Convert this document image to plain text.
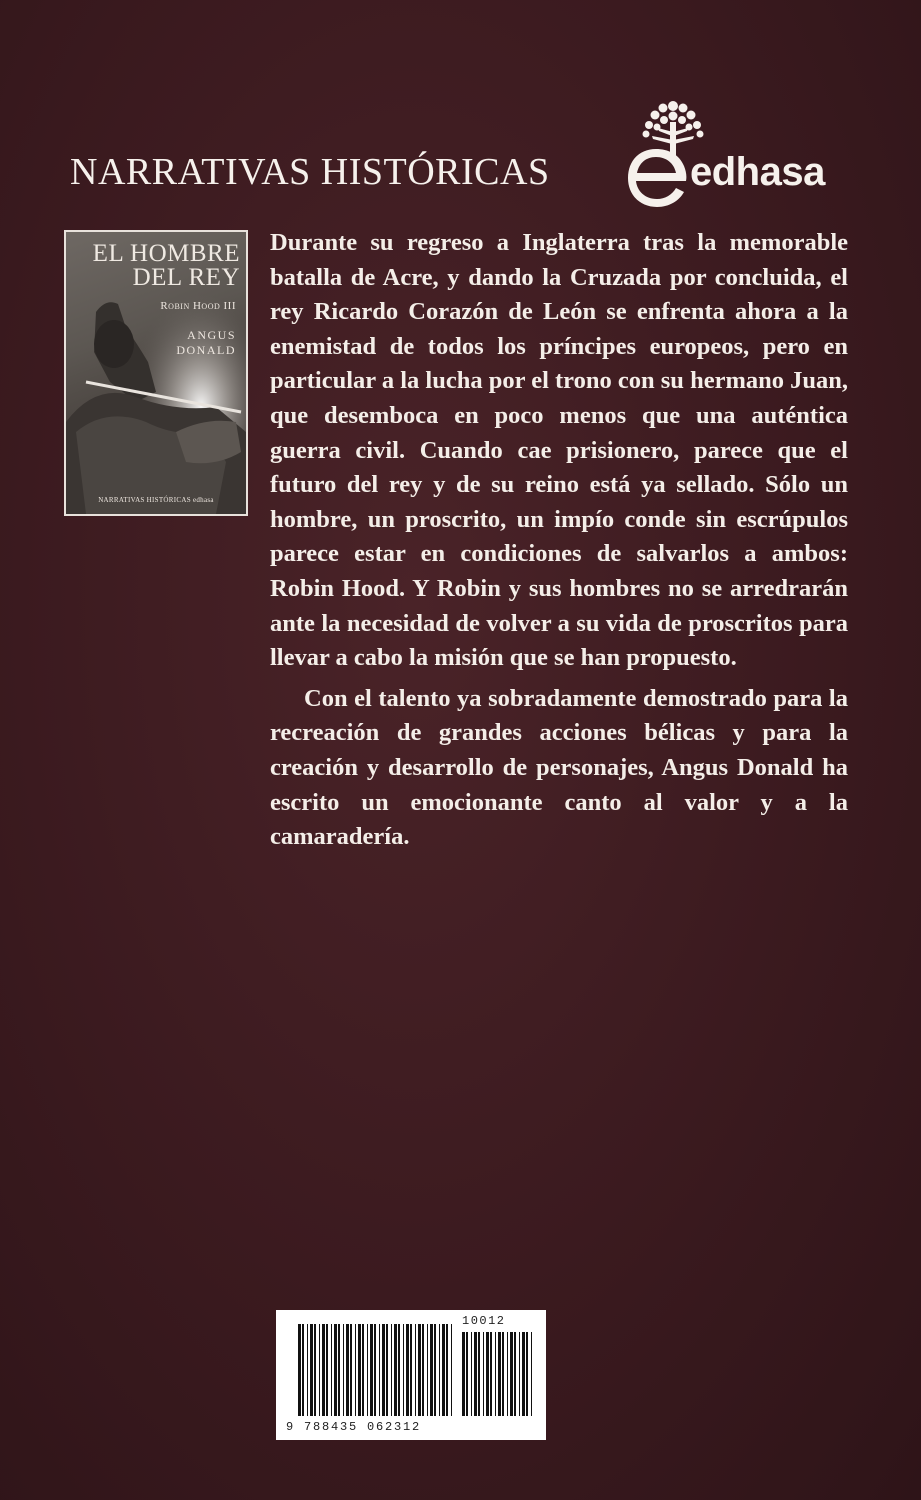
NARRATIVAS HISTÓRICAS	edhasa
EL HOMBRE
DEL REY
Robin Hood III
ANGUS
DONALD
NARRATIVAS HISTÓRICAS edhasa

Durante su regreso a Inglaterra tras la memorable batalla de Acre, y dando la Cruzada por concluida, el rey Ricardo Corazón de León se enfrenta ahora a la enemistad de todos los príncipes europeos, pero en particular a la lucha por el trono con su hermano Juan, que desemboca en poco menos que una auténtica guerra civil. Cuando cae prisionero, parece que el futuro del rey y de su reino está ya sellado. Sólo un hombre, un proscrito, un impío conde sin escrúpulos parece estar en condiciones de salvarlos a ambos: Robin Hood. Y Robin y sus hombres no se arredrarán ante la necesidad de volver a su vida de proscritos para llevar a cabo la misión que se han propuesto.

Con el talento ya sobradamente demostrado para la recreación de grandes acciones bélicas y para la creación y desarrollo de personajes, Angus Donald ha escrito un emocionante canto al valor y a la camaradería.

10012
9 788435 062312
